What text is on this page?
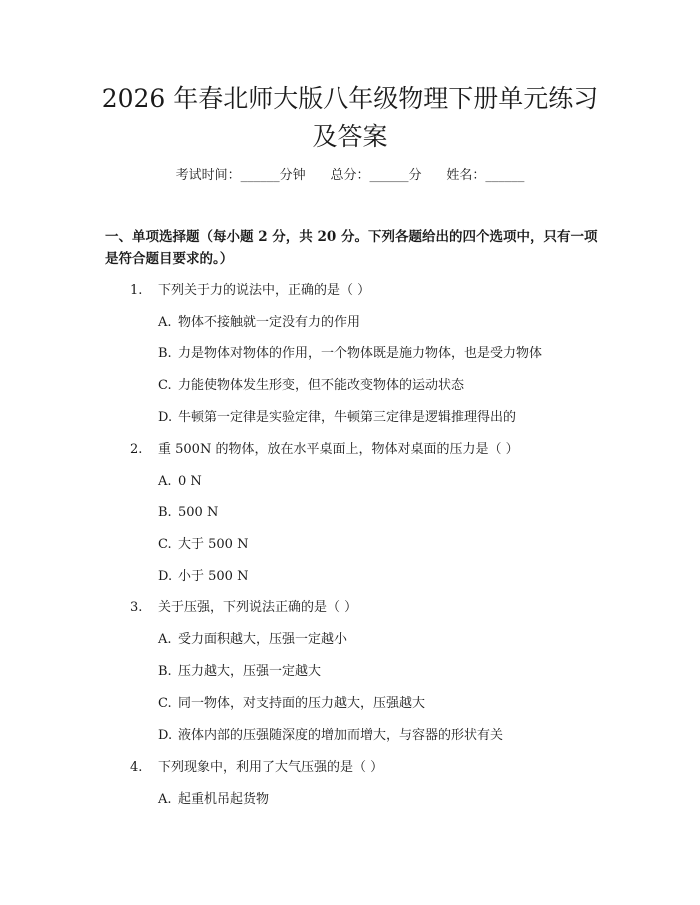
2026 年春北师大版八年级物理下册单元练习及答案
考试时间：______分钟 总分：______分 姓名：______
一、单项选择题（每小题 2 分，共 20 分。下列各题给出的四个选项中，只有一项是符合题目要求的。）
1. 下列关于力的说法中，正确的是（ ）
A. 物体不接触就一定没有力的作用
B. 力是物体对物体的作用，一个物体既是施力物体，也是受力物体
C. 力能使物体发生形变，但不能改变物体的运动状态
D. 牛顿第一定律是实验定律，牛顿第三定律是逻辑推理得出的
2. 重 500N 的物体，放在水平桌面上，物体对桌面的压力是（ ）
A. 0 N
B. 500 N
C. 大于 500 N
D. 小于 500 N
3. 关于压强，下列说法正确的是（ ）
A. 受力面积越大，压强一定越小
B. 压力越大，压强一定越大
C. 同一物体，对支持面的压力越大，压强越大
D. 液体内部的压强随深度的增加而增大，与容器的形状有关
4. 下列现象中，利用了大气压强的是（ ）
A. 起重机吊起货物
